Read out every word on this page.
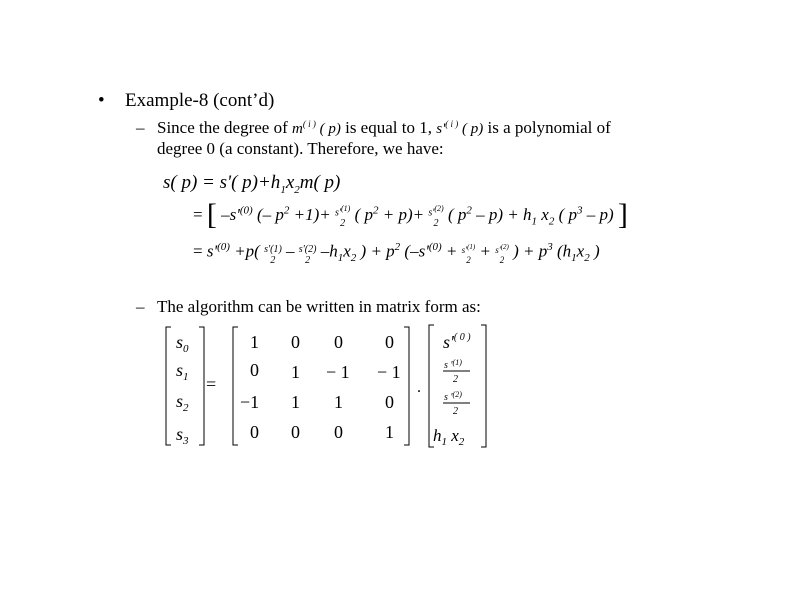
• Example-8 (cont’d)
– Since the degree of $m^{( i )}$ ( p) is equal to 1, $s'^{( i )}$ ( p) is a polynomial of
degree 0 (a constant). Therefore, we have:
s( p) = s'( $p)+h_1x_2m$( p)
= [ $-s'^{(0)}$ (– $p^2 +1)+ s'^{(1)}$
2 ( $p^2 + p)+ s'^{(2)}$
2 ( $p^2 - p) + h_1$ $x_2$ ( $p^3 - p$) ]
= $s'^{(0)} +p$( s'(1)
2 – s'(2)
2 $-h_1x_2$ ) + $p^2$ ($-s'^{(0)} + s'^{(1)}$
$2 + s'^{(2)}$
2 ) + $p^3$ ($h_1x_2$ )
– The algorithm can be written in matrix form as:
$s_0$
$s_1$
$s_2$
$s_3$
=
1 0 0 0
0 1 − 1 − 1
−1 1 1 0
0 0 0 1
.
$s'^{( 0 )}$
s '$^{(1)}$
2
s '$^{(2)}$
2
$h_1$ $x_2$
